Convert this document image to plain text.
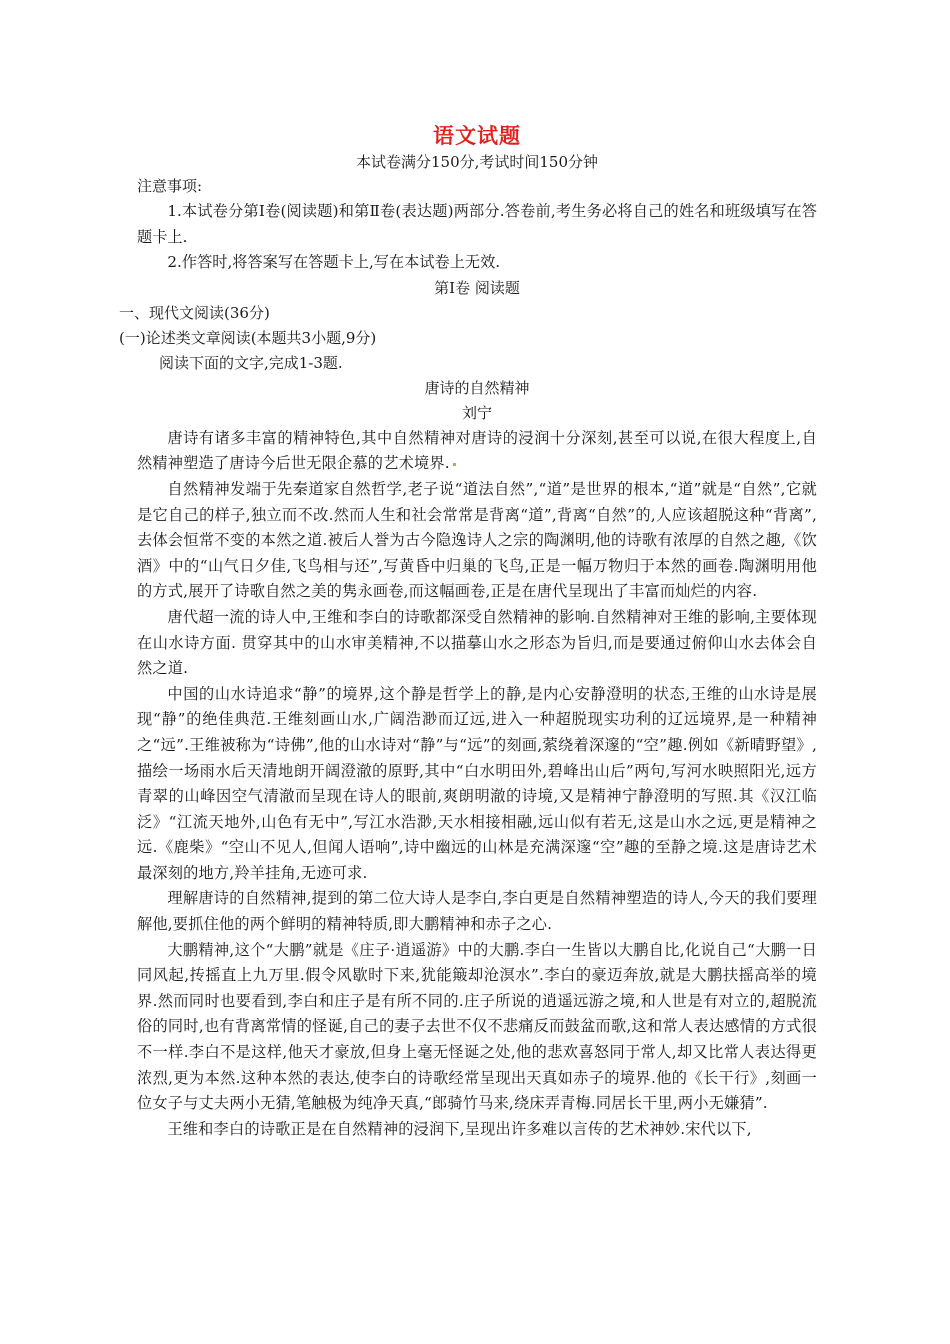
语文试题

本试卷满分150分,考试时间150分钟

注意事项:

1.本试卷分第Ⅰ卷(阅读题)和第Ⅱ卷(表达题)两部分.答卷前,考生务必将自己的姓名和班级填写在答题卡上.

2.作答时,将答案写在答题卡上,写在本试卷上无效.

第Ⅰ卷 阅读题

一、现代文阅读(36分)

(一)论述类文章阅读(本题共3小题,9分)

阅读下面的文字,完成1-3题.

唐诗的自然精神

刘宁

唐诗有诸多丰富的精神特色,其中自然精神对唐诗的浸润十分深刻,甚至可以说,在很大程度上,自然精神塑造了唐诗今后世无限企慕的艺术境界.

自然精神发端于先秦道家自然哲学,老子说“道法自然”,“道”是世界的根本,“道”就是“自然”,它就是它自己的样子,独立而不改.然而人生和社会常常是背离“道”,背离“自然”的,人应该超脱这种“背离”,去体会恒常不变的本然之道.被后人誉为古今隐逸诗人之宗的陶渊明,他的诗歌有浓厚的自然之趣,《饮酒》中的“山气日夕佳,飞鸟相与还”,写黄昏中归巢的飞鸟,正是一幅万物归于本然的画卷.陶渊明用他的方式,展开了诗歌自然之美的隽永画卷,而这幅画卷,正是在唐代呈现出了丰富而灿烂的内容.

唐代超一流的诗人中,王维和李白的诗歌都深受自然精神的影响.自然精神对王维的影响,主要体现在山水诗方面. 贯穿其中的山水审美精神,不以描摹山水之形态为旨归,而是要通过俯仰山水去体会自然之道.

中国的山水诗追求“静”的境界,这个静是哲学上的静,是内心安静澄明的状态,王维的山水诗是展现“静”的绝佳典范.王维刻画山水,广阔浩渺而辽远,进入一种超脱现实功利的辽远境界,是一种精神之“远”.王维被称为“诗佛”,他的山水诗对“静”与“远”的刻画,萦绕着深邃的“空”趣.例如《新晴野望》,描绘一场雨水后天清地朗开阔澄澈的原野,其中“白水明田外,碧峰出山后”两句,写河水映照阳光,远方青翠的山峰因空气清澈而呈现在诗人的眼前,爽朗明澈的诗境,又是精神宁静澄明的写照.其《汉江临泛》“江流天地外,山色有无中”,写江水浩渺,天水相接相融,远山似有若无,这是山水之远,更是精神之远.《鹿柴》“空山不见人,但闻人语响”,诗中幽远的山林是充满深邃“空”趣的至静之境.这是唐诗艺术最深刻的地方,羚羊挂角,无迹可求.

理解唐诗的自然精神,提到的第二位大诗人是李白,李白更是自然精神塑造的诗人,今天的我们要理解他,要抓住他的两个鲜明的精神特质,即大鹏精神和赤子之心.

大鹏精神,这个“大鹏”就是《庄子·逍遥游》中的大鹏.李白一生皆以大鹏自比,化说自己“大鹏一日同风起,抟摇直上九万里.假令风歇时下来,犹能簸却沧溟水”.李白的豪迈奔放,就是大鹏扶摇高举的境界.然而同时也要看到,李白和庄子是有所不同的.庄子所说的逍遥远游之境,和人世是有对立的,超脱流俗的同时,也有背离常情的怪诞,自己的妻子去世不仅不悲痛反而鼓盆而歌,这和常人表达感情的方式很不一样.李白不是这样,他天才豪放,但身上毫无怪诞之处,他的悲欢喜怒同于常人,却又比常人表达得更浓烈,更为本然.这种本然的表达,使李白的诗歌经常呈现出天真如赤子的境界.他的《长干行》,刻画一位女子与丈夫两小无猜,笔触极为纯净天真,“郎骑竹马来,绕床弄青梅.同居长干里,两小无嫌猜”.

王维和李白的诗歌正是在自然精神的浸润下,呈现出许多难以言传的艺术神妙.宋代以下,
